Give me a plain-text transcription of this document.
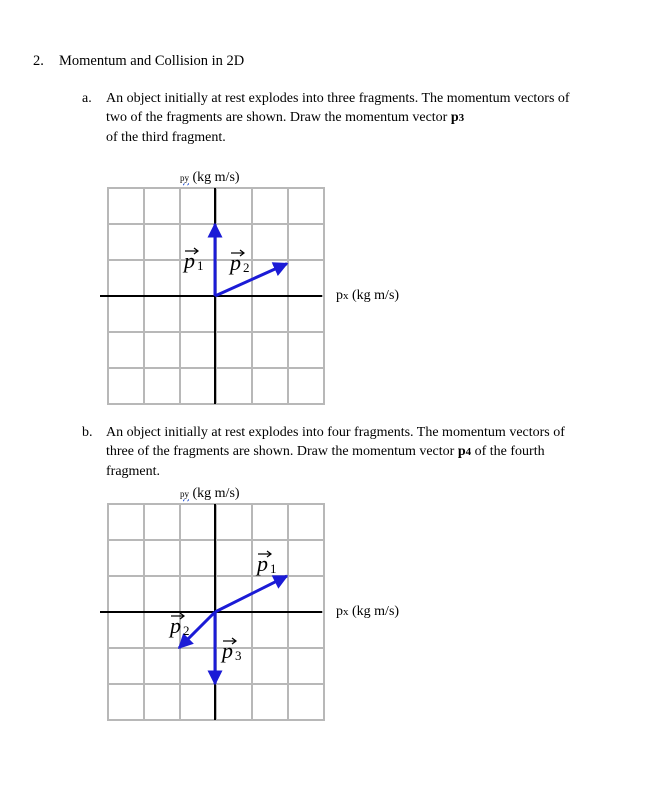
2. Momentum and Collision in 2D
a. An object initially at rest explodes into three fragments. The momentum vectors of two of the fragments are shown. Draw the momentum vector p3
of the third fragment.
py (kg m/s)
p 1 p 2
px (kg m/s)
b. An object initially at rest explodes into four fragments. The momentum vectors of three of the fragments are shown. Draw the momentum vector p4 of the fourth fragment.
py (kg m/s)
p 1
p 2
p 3
px (kg m/s)
